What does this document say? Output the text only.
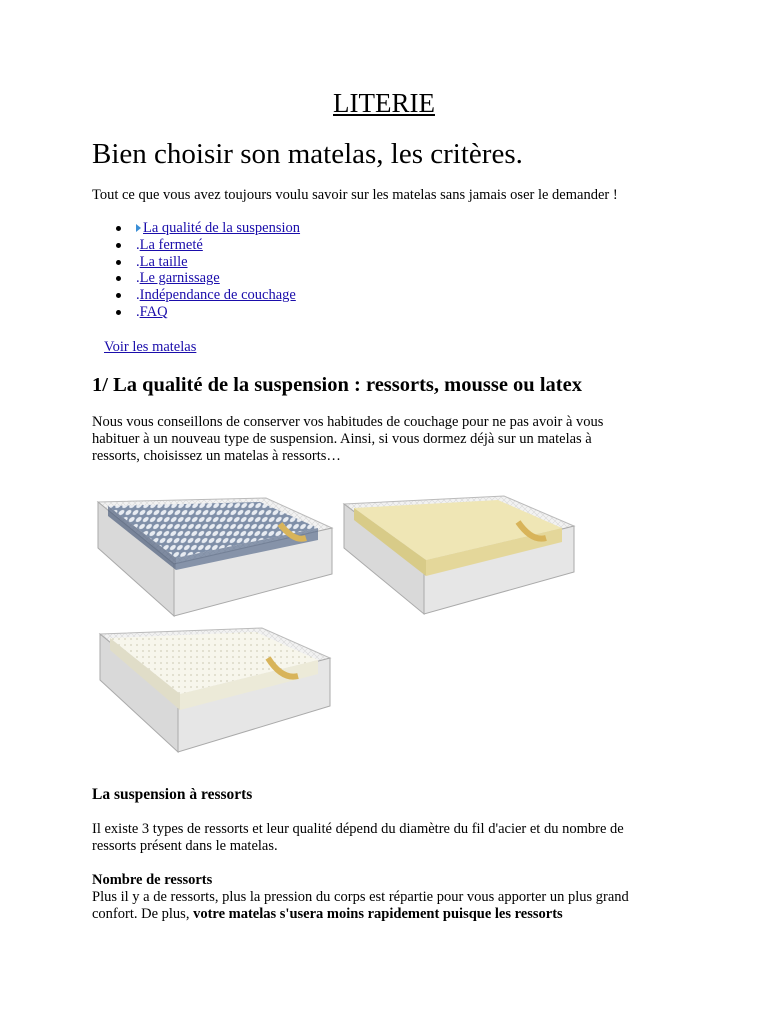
LITERIE
Bien choisir son matelas, les critères.

Tout ce que vous avez toujours voulu savoir sur les matelas sans jamais oser le demander !

La qualité de la suspension
.La fermeté
.La taille
.Le garnissage
.Indépendance de couchage
.FAQ
Voir les matelas
1/ La qualité de la suspension : ressorts, mousse ou latex

Nous vous conseillons de conserver vos habitudes de couchage pour ne pas avoir à vous
habituer à un nouveau type de suspension. Ainsi, si vous dormez déjà sur un matelas à
ressorts, choisissez un matelas à ressorts…

La suspension à ressorts

Il existe 3 types de ressorts et leur qualité dépend du diamètre du fil d'acier et du nombre de
ressorts présent dans le matelas.

Nombre de ressorts
Plus il y a de ressorts, plus la pression du corps est répartie pour vous apporter un plus grand
confort. De plus, votre matelas s'usera moins rapidement puisque les ressorts
